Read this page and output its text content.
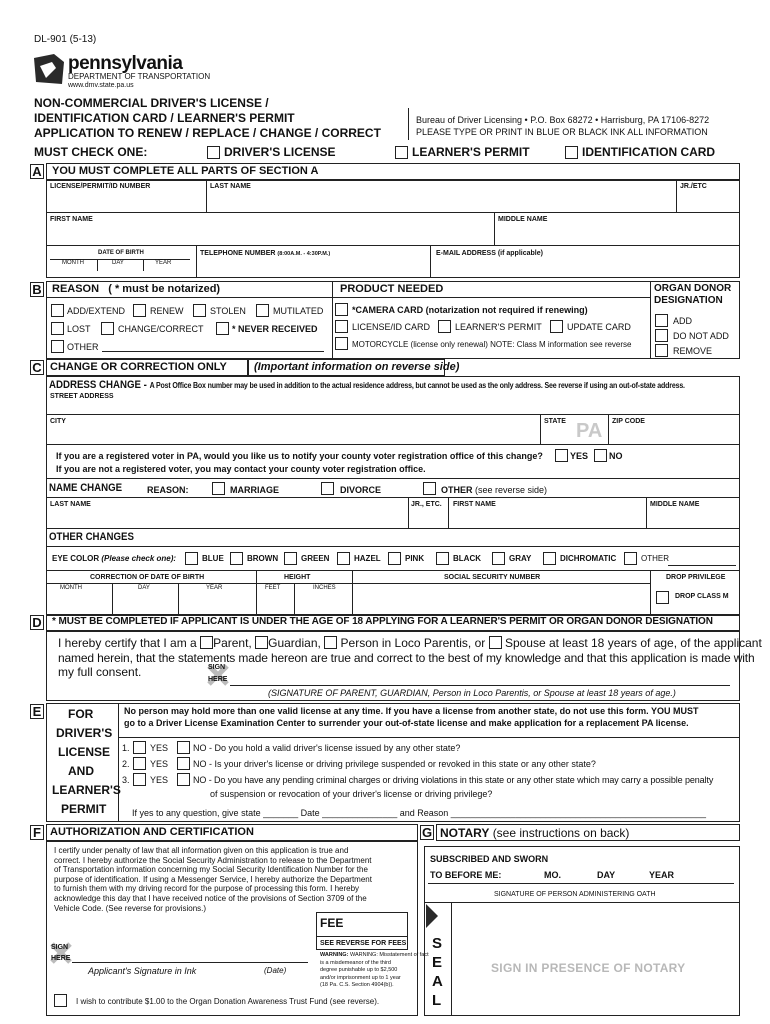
DL-901 (5-13)
pennsylvania
DEPARTMENT OF TRANSPORTATION
www.dmv.state.pa.us
NON-COMMERCIAL DRIVER'S LICENSE /
IDENTIFICATION CARD / LEARNER'S PERMIT
APPLICATION TO RENEW / REPLACE / CHANGE / CORRECT
Bureau of Driver Licensing • P.O. Box 68272 • Harrisburg, PA 17106-8272
PLEASE TYPE OR PRINT IN BLUE OR BLACK INK ALL INFORMATION
MUST CHECK ONE:	DRIVER'S LICENSE	LEARNER'S PERMIT	IDENTIFICATION CARD
A YOU MUST COMPLETE ALL PARTS OF SECTION A
LICENSE/PERMIT/ID NUMBER	LAST NAME	JR./ETC
FIRST NAME	MIDDLE NAME
DATE OF BIRTH
MONTH	DAY	YEAR
TELEPHONE NUMBER (8:00A.M. - 4:30P.M.)	E-MAIL ADDRESS (if applicable)
B REASON ( * must be notarized)	PRODUCT NEEDED	ORGAN DONOR
DESIGNATION
ADD/EXTEND	RENEW	STOLEN	MUTILATED
LOST	CHANGE/CORRECT	* NEVER RECEIVED
OTHER
*CAMERA CARD (notarization not required if renewing)
LICENSE/ID CARD	LEARNER'S PERMIT	UPDATE CARD
MOTORCYCLE (license only renewal) NOTE: Class M information see reverse
ADD
DO NOT ADD
REMOVE
C CHANGE OR CORRECTION ONLY (Important information on reverse side)
ADDRESS CHANGE - A Post Office Box number may be used in addition to the actual residence address, but cannot be used as the only address. See reverse if using an out-of-state address.
STREET ADDRESS
CITY	STATE PA ZIP CODE
If you are a registered voter in PA, would you like us to notify your county voter registration office of this change?	YES NO
If you are not a registered voter, you may contact your county voter registration office.
NAME CHANGE	REASON:	MARRIAGE	DIVORCE	OTHER (see reverse side)
LAST NAME	JR., ETC. FIRST NAME	MIDDLE NAME
OTHER CHANGES
EYE COLOR (Please check one):	BLUE	BROWN	GREEN	HAZEL	PINK	BLACK	GRAY	DICHROMATIC	OTHER
CORRECTION OF DATE OF BIRTH	HEIGHT	SOCIAL SECURITY NUMBER	DROP PRIVILEGE
MONTH	DAY	YEAR	FEET	INCHES
DROP CLASS M
D * MUST BE COMPLETED IF APPLICANT IS UNDER THE AGE OF 18 APPLYING FOR A LEARNER'S PERMIT OR ORGAN DONOR DESIGNATION
I hereby certify that I am a Parent, Guardian, Person in Loco Parentis, or Spouse at least 18 years of age, of the applicant
named herein, that the statements made hereon are true and correct to the best of my knowledge and that this application is made with
my full consent.	SIGN
HERE
(SIGNATURE OF PARENT, GUARDIAN, Person in Loco Parentis, or Spouse at least 18 years of age.)
E FOR
DRIVER'S
LICENSE
AND
LEARNER'S
PERMIT
No person may hold more than one valid license at any time. If you have a license from another state, do not use this form. YOU MUST
go to a Driver License Examination Center to surrender your out-of-state license and make application for a replacement PA license.
1. YES	NO - Do you hold a valid driver's license issued by any other state?
2. YES	NO - Is your driver's license or driving privilege suspended or revoked in this state or any other state?
3. YES	NO - Do you have any pending criminal charges or driving violations in this state or any other state which may carry a possible penalty
of suspension or revocation of your driver's license or driving privilege?
If yes to any question, give state _______ Date _______________ and Reason ___________________________________________________
F AUTHORIZATION AND CERTIFICATION
I certify under penalty of law that all information given on this application is true and
correct. I hereby authorize the Social Security Administration to release to the Department
of Transportation information concerning my Social Security Identification Number for the
purpose of identification. If using a Messenger Service, I hereby authorize the Department
to furnish them with my driving record for the purpose of processing this form. I hereby
acknowledge this day that I have received notice of the provisions of Section 3709 of the
Vehicle Code. (See reverse for provisions.)
FEE
SEE REVERSE FOR FEES
SIGN
HERE
Applicant's Signature in Ink	(Date)
WARNING: WARNING: Misstatement of fact
is a misdemeanor of the third
degree punishable up to $2,500
and/or imprisonment up to 1 year
(18 Pa. C.S. Section 4904(b)).
I wish to contribute $1.00 to the Organ Donation Awareness Trust Fund (see reverse).
G NOTARY (see instructions on back)
SUBSCRIBED AND SWORN
TO BEFORE ME:	MO.	DAY	YEAR
SIGNATURE OF PERSON ADMINISTERING OATH
S
E
A
L
SIGN IN PRESENCE OF NOTARY
